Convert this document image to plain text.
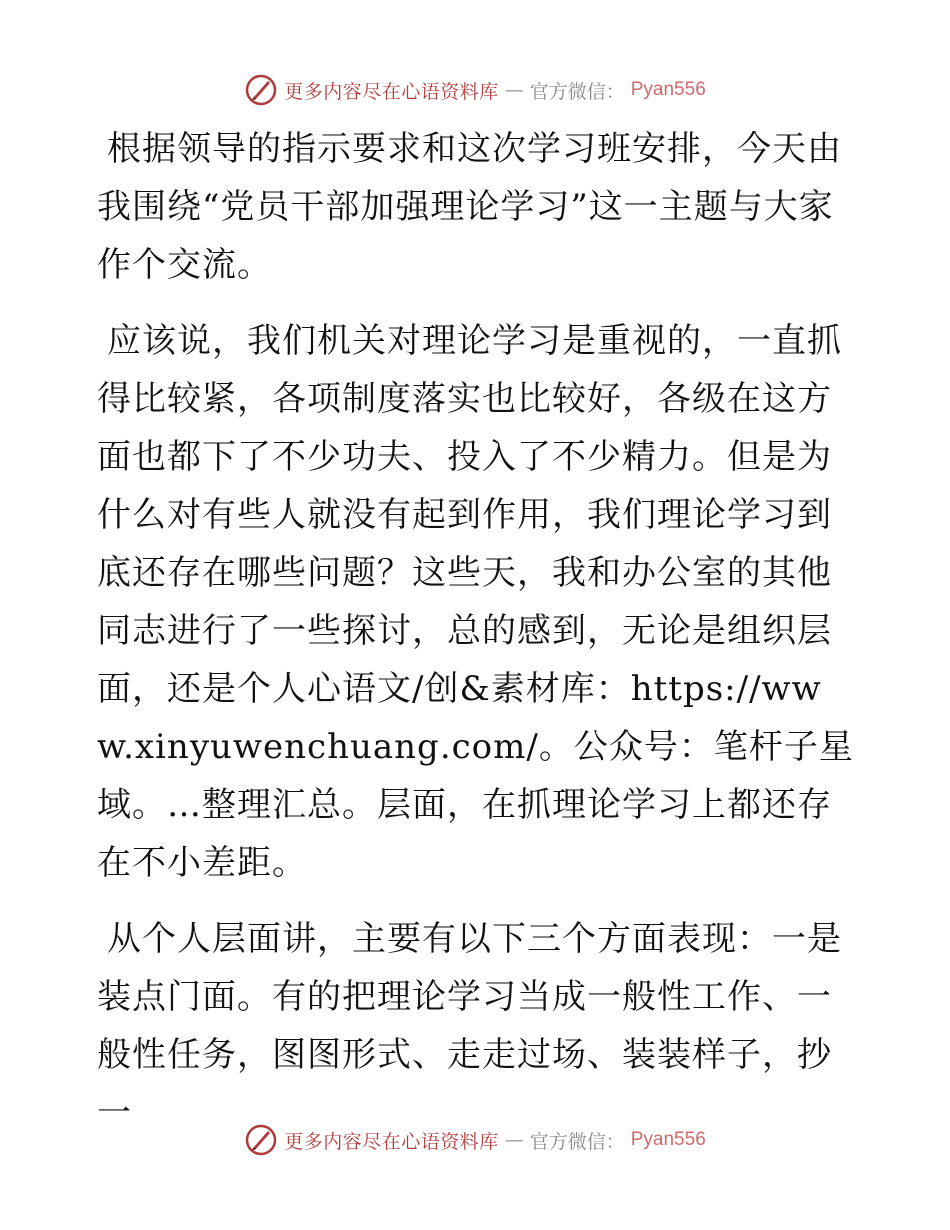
更多内容尽在心语资料库 — 官方微信： Pyan556

根据领导的指示要求和这次学习班安排，今天由我围绕“党员干部加强理论学习”这一主题与大家作个交流。

应该说，我们机关对理论学习是重视的，一直抓得比较紧，各项制度落实也比较好，各级在这方面也都下了不少功夫、投入了不少精力。但是为什么对有些人就没有起到作用，我们理论学习到底还存在哪些问题？这些天，我和办公室的其他同志进行了一些探讨，总的感到，无论是组织层面，还是个人心语文/创&素材库：https://www.xinyuwenchuang.com/。公众号：笔杆子星域。…整理汇总。层面，在抓理论学习上都还存在不小差距。

从个人层面讲，主要有以下三个方面表现：一是装点门面。有的把理论学习当成一般性工作、一般性任务，图图形式、走走过场、装装样子，抄一

更多内容尽在心语资料库 — 官方微信： Pyan556
